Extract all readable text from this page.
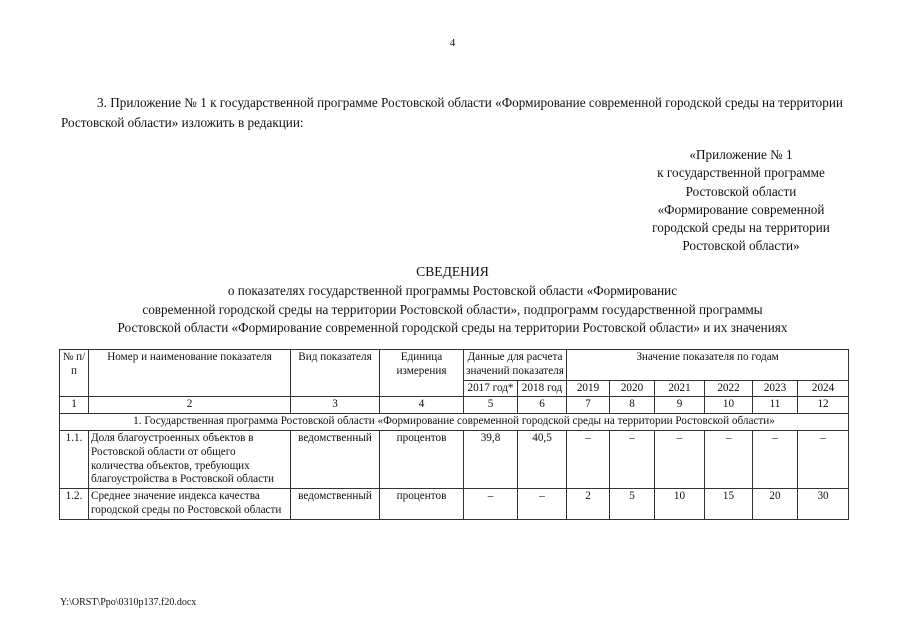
4

3. Приложение № 1 к государственной программе Ростовской области «Формирование современной городской среды на территории Ростовской области» изложить в редакции:

«Приложение № 1
к государственной программе
Ростовской области
«Формирование современной
городской среды на территории
Ростовской области»
СВЕДЕНИЯ
о показателях государственной программы Ростовской области «Формированис
современной городской среды на территории Ростовской области», подпрограмм государственной программы
Ростовской области «Формирование современной городской среды на территории Ростовской области» и их значениях
№ п/п	Номер и наименование показателя	Вид показателя	Единица измерения	Данные для расчета значений показателя		Значение показателя по годам					
				2017 год*	2018 год	2019	2020	2021	2022	2023	2024
1	2	3	4	5	6	7	8	9	10	11	12
1. Государственная программа Ростовской области «Формирование современной городской среды на территории Ростовской области»											
1.1.	Доля благоустроенных объектов в Ростовской области от общего количества объектов, требующих благоустройства в Ростовской области	ведомственный	процентов	39,8	40,5	–	–	–	–	–	–
1.2.	Среднее значение индекса качества городской среды по Ростовской области	ведомственный	процентов	–	–	2	5	10	15	20	30
Y:\ORST\Ppo\0310p137.f20.docx
